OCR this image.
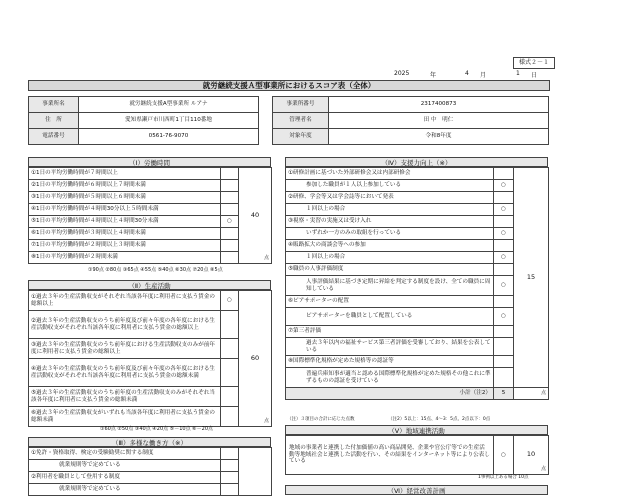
様式２－１
就労継続支援Ａ型事業所におけるスコア表（全体）
2025	年	4 月	1 日
事業所名	就労継続支援A型事業所 ルアナ		事業所番号	2317400873
住　所	愛知県瀬戸市川西町1丁目110番地		管理者名	田 中　明仁
電話番号	0561-76-9070		対象年度	令和8年度
（Ⅰ）労働時間
①1日の平均労働時間が７時間以上		40
点

②1日の平均労働時間が６時間以上７時間未満		
③1日の平均労働時間が５時間以上６時間未満		
④1日の平均労働時間が４時間30分以上５時間未満		
⑤1日の平均労働時間が４時間以上４時間30分未満	○	
⑥1日の平均労働時間が３時間以上４時間未満		
⑦1日の平均労働時間が２時間以上３時間未満		
⑧1日の平均労働時間が２時間未満		
①90点 ②80点 ③65点 ④55点 ⑤40点 ⑥30点 ⑦20点 ⑧5点
（Ⅱ）生産活動
①過去３年の生産活動収支がそれぞれ当該各年度に利用者に支払う賃金の総額以上	○	60
点

②過去３年の生産活動収支のうち前年度及び前々年度の各年度における生産活動収支がそれぞれ当該各年度に利用者に支払う賃金の総額以上		
③過去３年の生産活動収支のうち前年度における生産活動収支のみが前年度に利用者に支払う賃金の総額以上		
④過去３年の生産活動収支のうち前年度及び前々年度の各年度における生産活動収支がそれぞれ当該各年度に利用者に支払う賃金の総額未満		
⑤過去３年の生産活動収支のうち前年度の生産活動収支のみがそれぞれ当該各年度に利用者に支払う賃金の総額未満		
⑥過去３年の生産活動収支がいずれも当該各年度に利用者に支払う賃金の総額未満		
①60点 ②50点 ③40点 ④20点 ⑤－10点 ⑥－20点
（Ⅲ）多様な働き方（※）
①免許・資格取得、検定の受験勧奨に関する制度		
就業規則等で定めている		
②利用者を職員として登用する制度		
就業規則等で定めている		
（Ⅳ）支援力向上（※）
①研修計画に基づいた外部研修会又は内部研修会		15
参加した職員が１人以上参加している	○	
②研修、学会等又は学会誌等において発表		
１回以上の場合	○	
③視察・実習の実施又は受け入れ		
いずれか一方のみの取組を行っている	○	
④販路拡大の商談会等への参加		
１回以上の場合	○	
⑤職員の人事評価制度		
人事評価結果に基づき定期に昇給を判定する制度を設け、全ての職員に周知している	○	
⑥ピアサポーターの配置		
ピアサポーターを職員として配置している	○	
⑦第三者評価		
過去３年以内の福祉サービス第三者評価を受審しており、結果を公表している		
⑧国際標準化規格が定めた規格等の認証等		
普遍兵庫知事が適当と認める国際標準化規格が定めた規格その他これに準ずるものの認証を受けている		
小計（注2）	5	点
（注）３項目の合計に応じた点数	（注2）5以上：15点、4〜3：5点、2点以下：0点
（Ⅴ）地域連携活動
地域の事業者と連携した付加価値の高い商品開発、企業や官公庁等での生産活動等地域社会と連携した活動を行い、その結果をインターネット等により公表している	○	10
点
1事例以上ある場合 10点
（Ⅵ）経営改善計画
